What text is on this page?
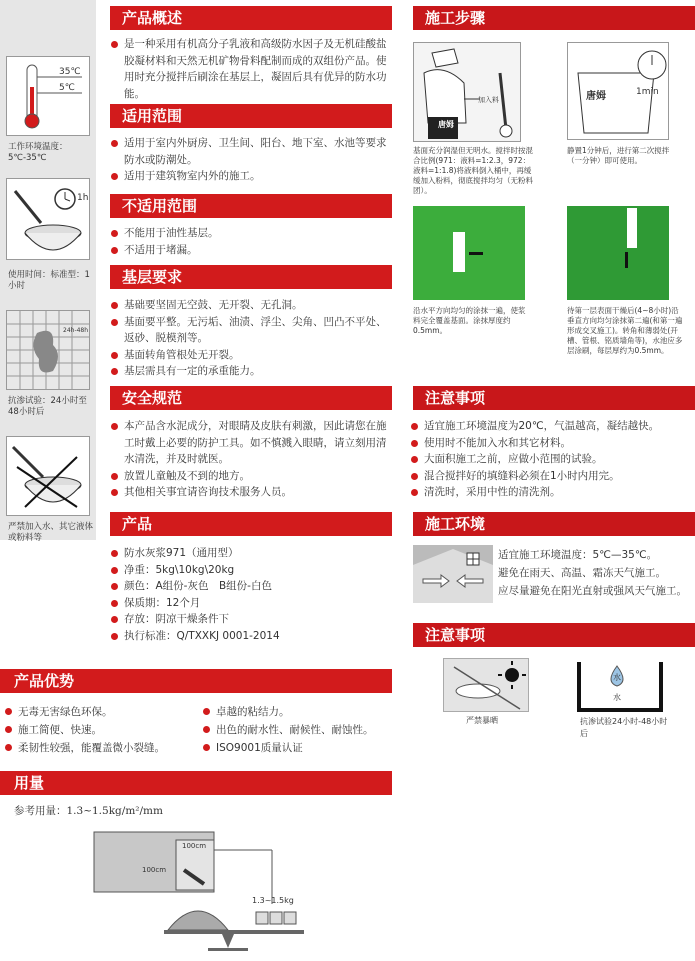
35℃
5℃
工作环境温度：5℃-35℃
1h
使用时间：标准型：1小时
24h-48h
抗渗试验：24小时至48小时后
严禁加入水、其它液体或粉料等
产品概述
是一种采用有机高分子乳液和高级防水因子及无机硅酸盐胶凝材料和天然无机矿物骨料配制而成的双组份产品。使用时充分搅拌后刷涂在基层上，凝固后具有优异的防水功能。
适用范围
适用于室内外厨房、卫生间、阳台、地下室、水池等要求防水或防潮处。
适用于建筑物室内外的施工。
不适用范围
不能用于油性基层。
不适用于堵漏。
基层要求
基础要坚固无空鼓、无开裂、无孔洞。
基面要平整。无污垢、油渍、浮尘、尖角、凹凸不平处、返砂、脱模剂等。
基面转角管根处无开裂。
基层需具有一定的承重能力。
安全规范
本产品含水泥成分，对眼睛及皮肤有刺激，因此请您在施工时戴上必要的防护工具。如不慎溅入眼睛，请立刻用清水清洗，并及时就医。
放置儿童触及不到的地方。
其他相关事宜请咨询技术服务人员。
产品
防水灰浆971（通用型）
净重：5kg\10kg\20kg
颜色：A组份-灰色　B组份-白色
保质期：12个月
存放：阴凉干燥条件下
执行标准：Q/TXXKJ 0001-2014
产品优势
无毒无害绿色环保。
施工简便、快速。
柔韧性较强，能覆盖微小裂缝。
卓越的粘结力。
出色的耐水性、耐候性、耐蚀性。
ISO9001质量认证
用量
参考用量：1.3~1.5kg/m²/mm
100cm
100cm
1.3~1.5kg
施工步骤
加入料
唐姆
基面充分润湿但无明水。搅拌时按混合比例(971：液料=1:2.3，972：液料=1:1.8)将液料倒入桶中，再缓缓加入粉料，彻底搅拌均匀（无粉料团）。
唐姆	1min
静置1分钟后，进行第二次搅拌（一分钟）即可使用。
沿水平方向均匀的涂抹一遍，使浆料完全覆盖基面。涂抹厚度约0.5mm。
待第一层表面干燥后(4~8小时)沿垂直方向均匀涂抹第二遍(和第一遍形成交叉施工)。转角和薄弱处(开槽、管根、铭质墙角等)，水池应多层涂刷，每层厚约为0.5mm。
注意事项
适宜施工环境温度为20℃，气温越高，凝结越快。
使用时不能加入水和其它材料。
大面积施工之前，应做小范围的试验。
混合搅拌好的填缝料必须在1小时内用完。
清洗时，采用中性的清洗剂。
施工环境
适宜施工环境温度：5℃—35℃。
避免在雨天、高温、霜冻天气施工。
应尽量避免在阳光直射或强风天气施工。
注意事项
严禁暴晒
水
水
抗渗试验24小时-48小时后
